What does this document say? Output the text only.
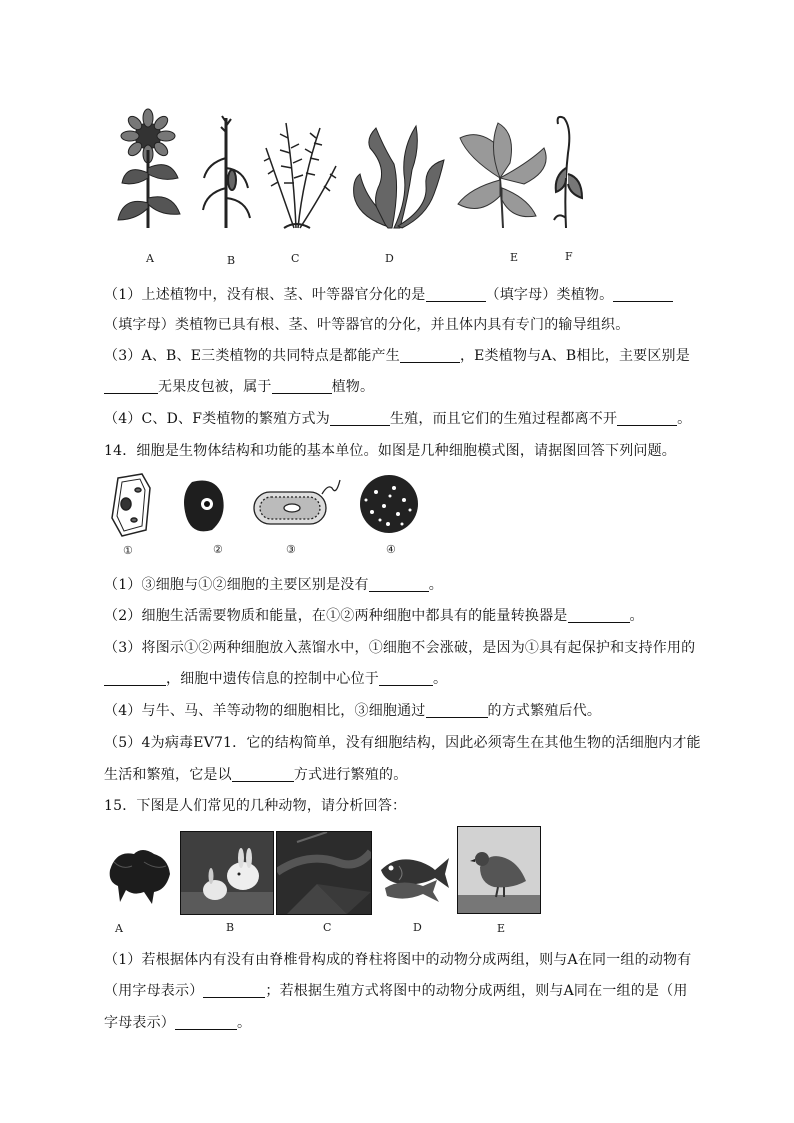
A	B	C	D	E	F
（1）上述植物中，没有根、茎、叶等器官分化的是	（填字母）类植物。
（填字母）类植物已具有根、茎、叶等器官的分化，并且体内具有专门的输导组织。
（3）A、B、E三类植物的共同特点是都能产生	，E类植物与A、B相比，主要区别是
无果皮包被，属于	植物。
（4）C、D、F类植物的繁殖方式为	生殖，而且它们的生殖过程都离不开	。
14．细胞是生物体结构和功能的基本单位。如图是几种细胞模式图，请据图回答下列问题。
①	②	③	④
（1）③细胞与①②细胞的主要区别是没有	。
（2）细胞生活需要物质和能量，在①②两种细胞中都具有的能量转换器是	。
（3）将图示①②两种细胞放入蒸馏水中，①细胞不会涨破，是因为①具有起保护和支持作用的
，细胞中遗传信息的控制中心位于	。
（4）与牛、马、羊等动物的细胞相比，③细胞通过	的方式繁殖后代。
（5）4为病毒EV71．它的结构简单，没有细胞结构，因此必须寄生在其他生物的活细胞内才能
生活和繁殖，它是以	方式进行繁殖的。
15．下图是人们常见的几种动物，请分析回答：
A	B	C	D	E
（1）若根据体内有没有由脊椎骨构成的脊柱将图中的动物分成两组，则与A在同一组的动物有
（用字母表示）	；若根据生殖方式将图中的动物分成两组，则与A同在一组的是（用
字母表示）	。
